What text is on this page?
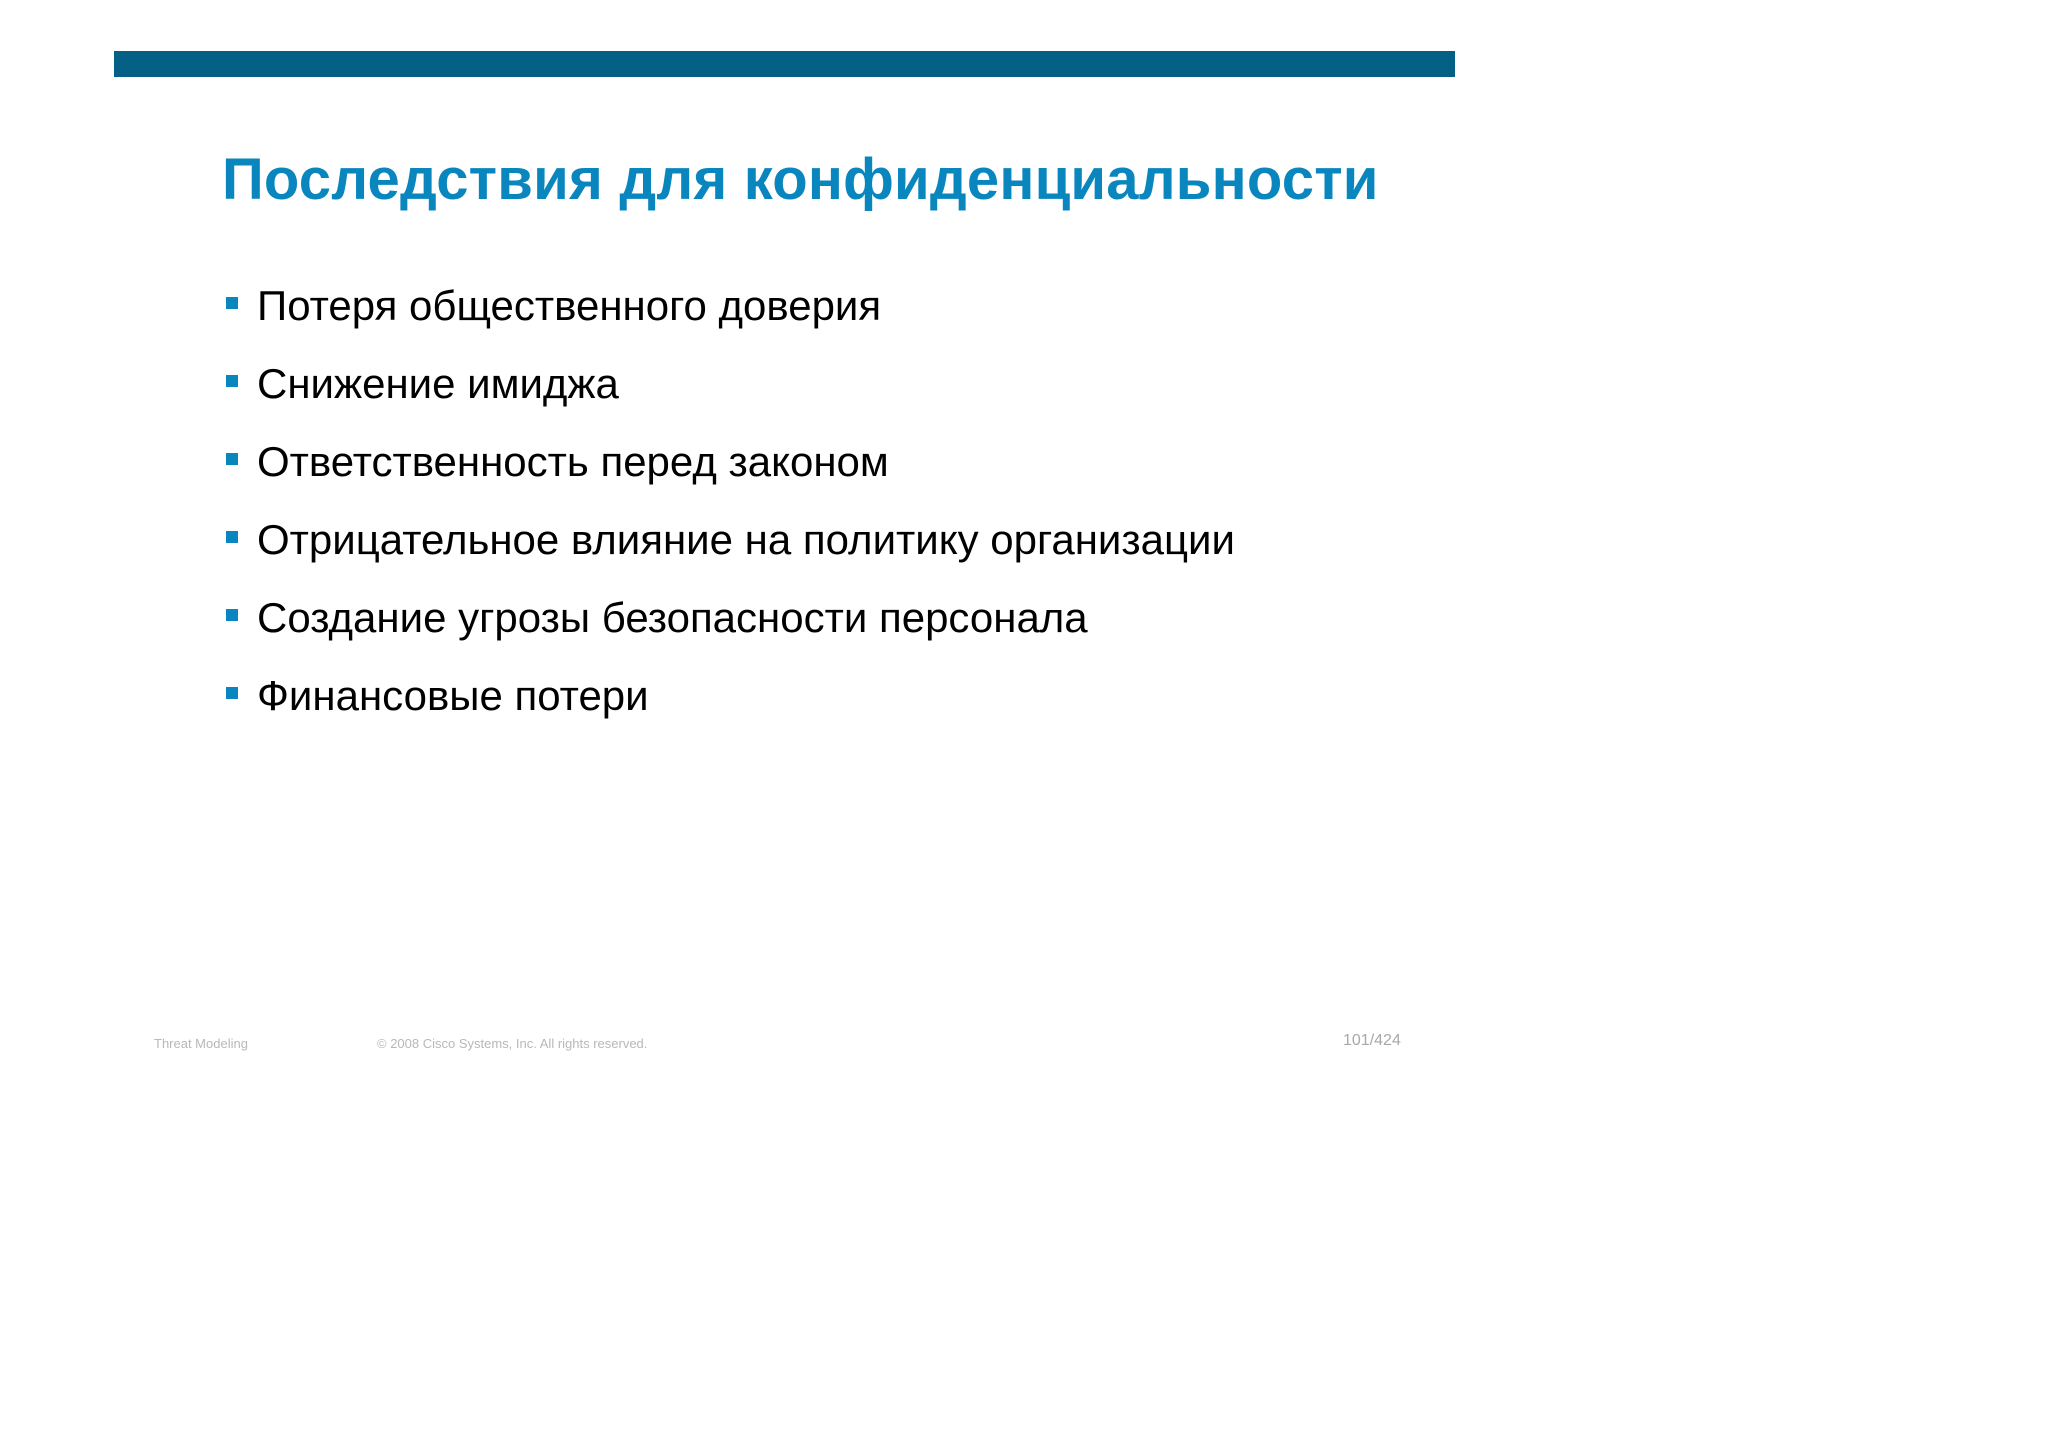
Последствия для конфиденциальности
Потеря общественного доверия
Снижение имиджа
Ответственность перед законом
Отрицательное влияние на политику организации
Создание угрозы безопасности персонала
Финансовые потери
Threat Modeling	© 2008 Cisco Systems, Inc. All rights reserved.	101/424
